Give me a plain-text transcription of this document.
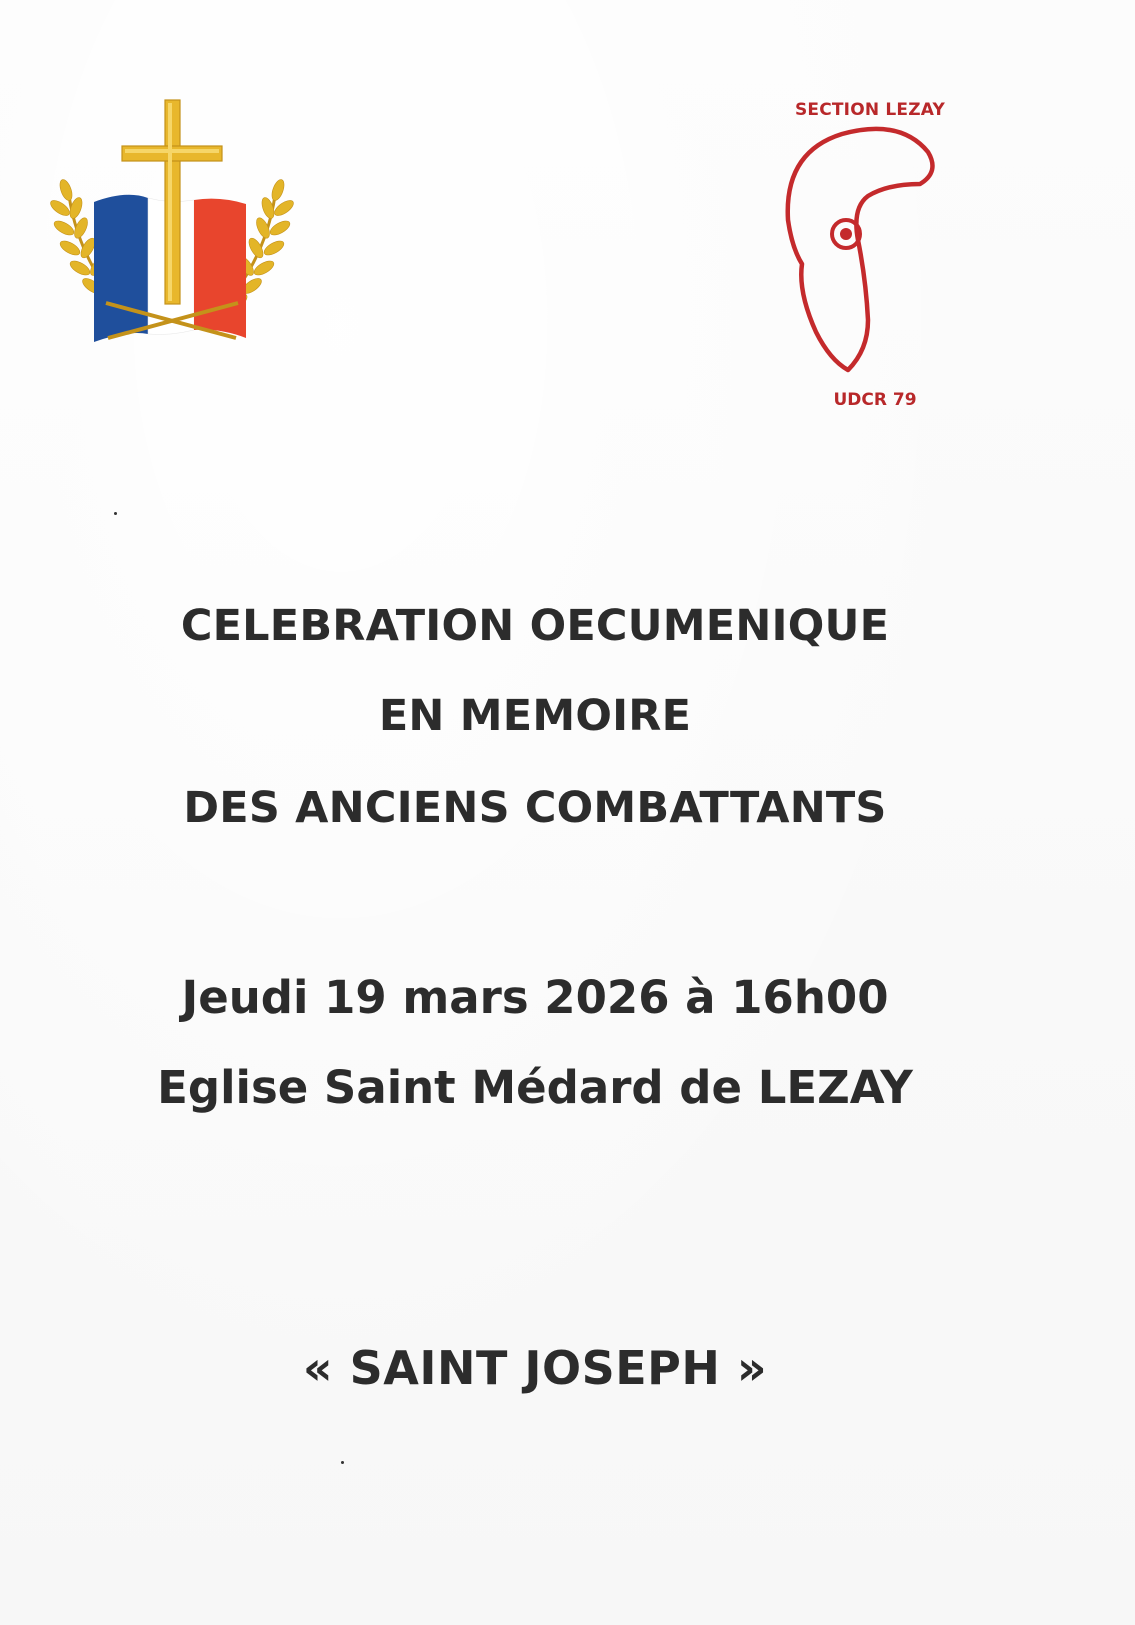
SECTION LEZAY
UDCR 79
CELEBRATION OECUMENIQUE
EN MEMOIRE
DES ANCIENS COMBATTANTS
Jeudi 19 mars 2026 à 16h00
Eglise Saint Médard de LEZAY
« SAINT JOSEPH »
